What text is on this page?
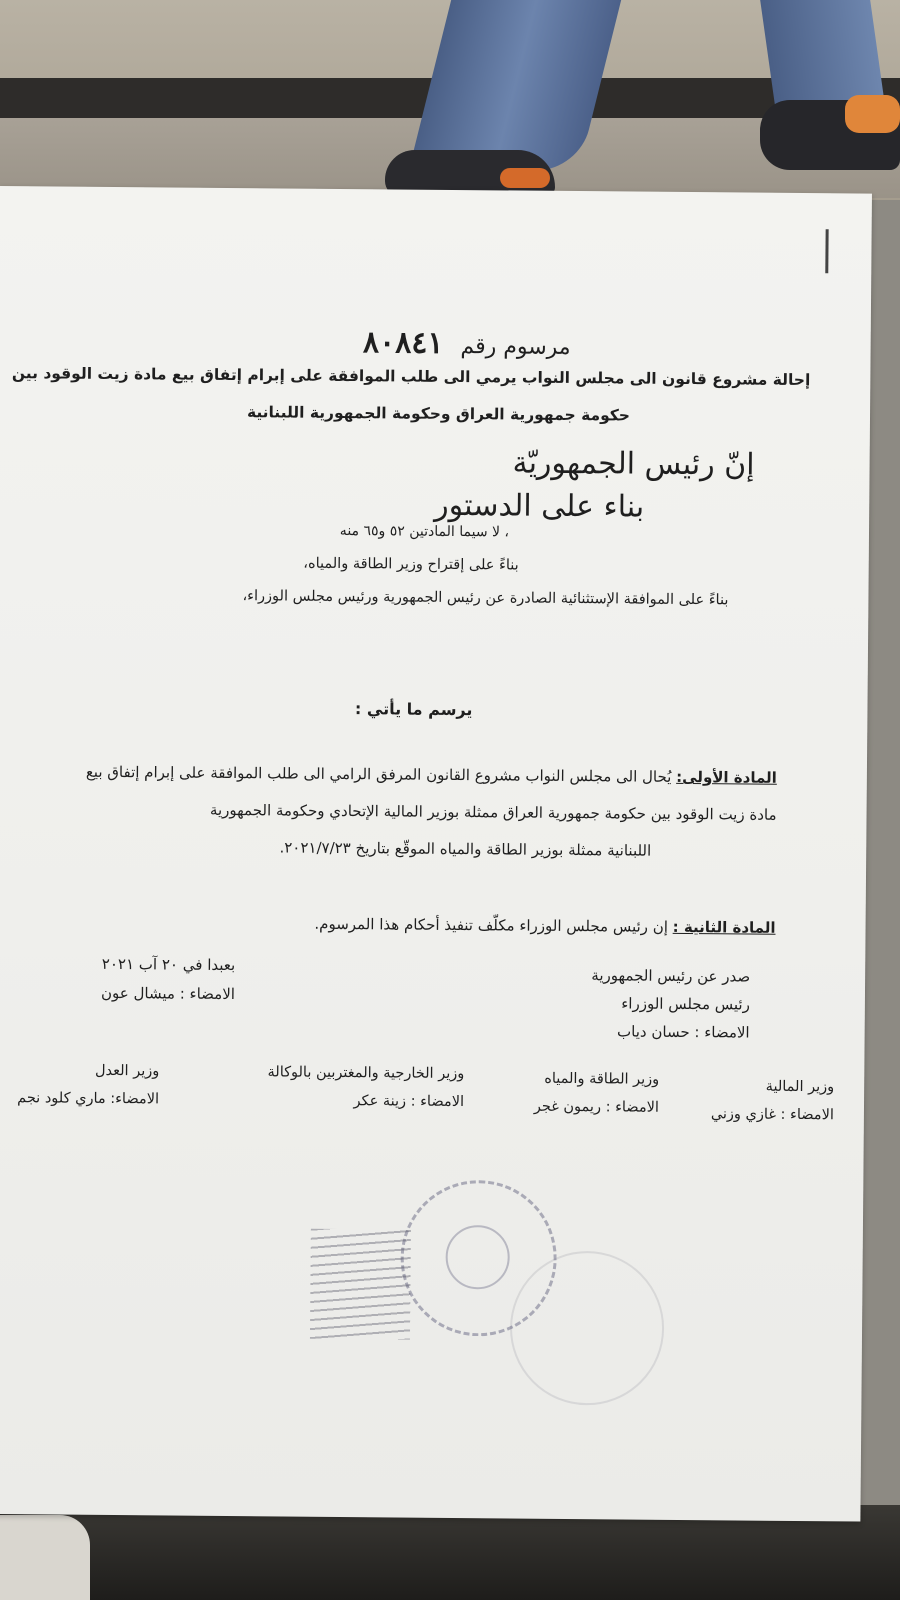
مرسوم رقم ٨٠٨٤١
إحالة مشروع قانون الى مجلس النواب يرمي الى طلب الموافقة على إبرام إتفاق بيع مادة زيت الوقود بين
حكومة جمهورية العراق وحكومة الجمهورية اللبنانية
إنّ رئيس الجمهوريّة
بناء على الدستور
، لا سيما المادتين ٥٢ و٦٥ منه
بناءً على إقتراح وزير الطاقة والمياه،
بناءً على الموافقة الإستثنائية الصادرة عن رئيس الجمهورية ورئيس مجلس الوزراء،
يرسم ما يأتي :
المادة الأولى: يُحال الى مجلس النواب مشروع القانون المرفق الرامي الى طلب الموافقة على إبرام إتفاق بيع
مادة زيت الوقود بين حكومة جمهورية العراق ممثلة بوزير المالية الإتحادي وحكومة الجمهورية
اللبنانية ممثلة بوزير الطاقة والمياه الموقّع بتاريخ ٢٠٢١/٧/٢٣.
المادة الثانية : إن رئيس مجلس الوزراء مكلّف تنفيذ أحكام هذا المرسوم.
بعبدا في ٢٠ آب ٢٠٢١
الامضاء : ميشال عون
صدر عن رئيس الجمهورية
رئيس مجلس الوزراء
الامضاء : حسان دياب
وزير المالية
الامضاء : غازي وزني
وزير الطاقة والمياه
الامضاء : ريمون غجر
وزير الخارجية والمغتربين بالوكالة
الامضاء : زينة عكر
وزير العدل
الامضاء: ماري كلود نجم
